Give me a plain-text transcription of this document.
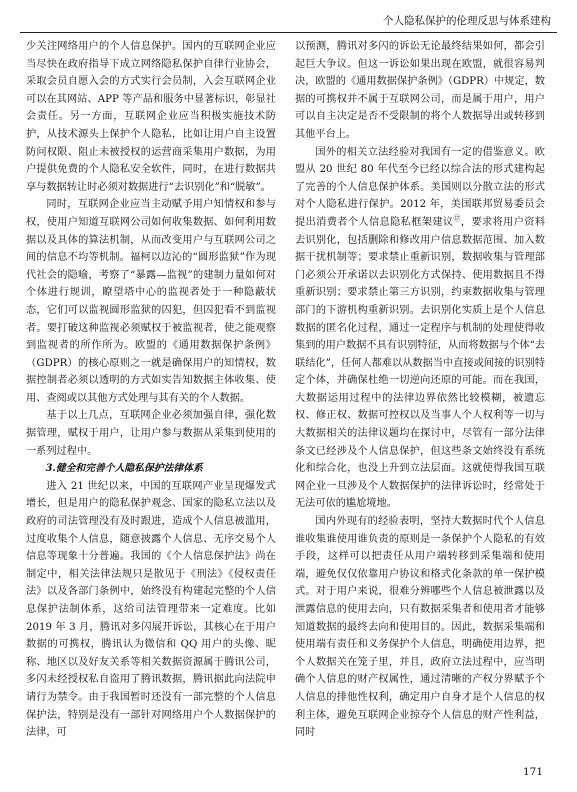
个人隐私保护的伦理反思与体系建构

少关注网络用户的个人信息保护。国内的互联网企业应当尽快在政府指导下成立网络隐私保护自律行业协会，采取会员自愿入会的方式实行会员制，入会互联网企业可以在其网站、APP 等产品和服务中显著标识，彰显社会责任。另一方面，互联网企业应当积极实施技术防护，从技术源头上保护个人隐私，比如让用户自主设置防问权限、阻止未被授权的运营商采集用户数据，为用户提供免费的个人隐私安全软件，同时，在进行数据共享与数据转让时必须对数据进行“去识别化”和“脱敏”。

同时，互联网企业应当主动赋予用户知情权和参与权，使用户知道互联网公司如何收集数据、如何利用数据以及具体的算法机制，从而改变用户与互联网公司之间的信息不均等机制。福柯以边沁的“圆形监狱”作为现代社会的隐喻，考察了“暴露—监视”的建制力量如何对个体进行规训，瞭望塔中心的监视者处于一种隐蔽状态，它们可以监视圆形监狱的囚犯，但囚犯看不到监视者。要打破这种监视必须赋权于被监视者，使之能观察到监视者的所作所为。欧盟的《通用数据保护条例》（GDPR）的核心原则之一就是确保用户的知情权，数据控制者必须以透明的方式如实告知数据主体收集、使用、查阅或以其他方式处理与其有关的个人数据。

基于以上几点，互联网企业必须加强自律，强化数据管理，赋权于用户，让用户参与数据从采集到使用的一系列过程中。

3.健全和完善个人隐私保护法律体系

进入 21 世纪以来，中国的互联网产业呈现爆发式增长，但是用户的隐私保护观念、国家的隐私立法以及政府的司法管理没有及时跟进，造成个人信息被滥用，过度收集个人信息，随意披露个人信息、无序交易个人信息等现象十分普遍。我国的《个人信息保护法》尚在制定中，相关法律法规只是散见于《刑法》《侵权责任法》以及各部门条例中，始终没有构建起完整的个人信息保护法制体系，这给司法管理带来一定难度。比如 2019 年 3 月，腾讯对多闪展开诉讼，其核心在于用户数据的可携权，腾讯认为微信和 QQ 用户的头像、昵称、地区以及好友关系等相关数据资源属于腾讯公司，多闪未经授权私自盗用了腾讯数据，腾讯据此向法院申请行为禁令。由于我国暂时还没有一部完整的个人信息保护法，特别是没有一部针对网络用户个人数据保护的法律，可

以预测，腾讯对多闪的诉讼无论最终结果如何，都会引起巨大争议。但这一诉讼如果出现在欧盟，就很容易判决，欧盟的《通用数据保护条例》（GDPR）中规定，数据的可携权并不属于互联网公司，而是属于用户，用户可以自主决定是否不受限制的将个人数据导出或转移到其他平台上。

国外的相关立法经验对我国有一定的借鉴意义。欧盟从 20 世纪 80 年代至今已经以综合法的形式建构起了完善的个人信息保护体系。美国则以分散立法的形式对个人隐私进行保护。2012 年，美国联邦贸易委员会提出消费者个人信息隐私框架建议⑰，要求将用户资料去识别化，包括删除和修改用户信息数据范围、加入数据干扰机制等；要求禁止重新识别，数据收集与管理部门必须公开承诺以去识别化方式保持、使用数据且不得重新识别；要求禁止第三方识别，约束数据收集与管理部门的下游机构重新识别。去识别化实质上是个人信息数据的匿名化过程，通过一定程序与机制的处理使得收集到的用户数据不具有识别特征，从而将数据与个体“去联结化”，任何人都难以从数据当中直接或间接的识别特定个体，并确保杜绝一切逆向还原的可能。而在我国，大数据运用过程中的法律边界依然比较模糊，被遗忘权、修正权、数据可控权以及当事人个人权利等一切与大数据相关的法律议题均在探讨中，尽管有一部分法律条文已经涉及个人信息保护，但这些条文始终没有系统化和综合化，也没上升到立法层面。这就使得我国互联网企业一旦涉及个人数据保护的法律诉讼时，经常处于无法可依的尴尬境地。

国内外现有的经验表明，坚持大数据时代个人信息谁收集谁使用谁负责的原则是一条保护个人隐私的有效手段，这样可以把责任从用户端转移到采集端和使用端，避免仅仅依靠用户协议和格式化条款的单一保护模式。对于用户来说，很难分辨哪些个人信息被泄露以及泄露信息的使用去向，只有数据采集者和使用者才能够知道数据的最终去向和使用目的。因此，数据采集端和使用端有责任和义务保护个人信息，明确使用边界，把个人数据关在笼子里，并且，政府立法过程中，应当明确个人信息的财产权属性，通过清晰的产权分界赋予个人信息的排他性权利，确定用户自身才是个人信息的权利主体，避免互联网企业掠夺个人信息的财产性利益，同时

171
